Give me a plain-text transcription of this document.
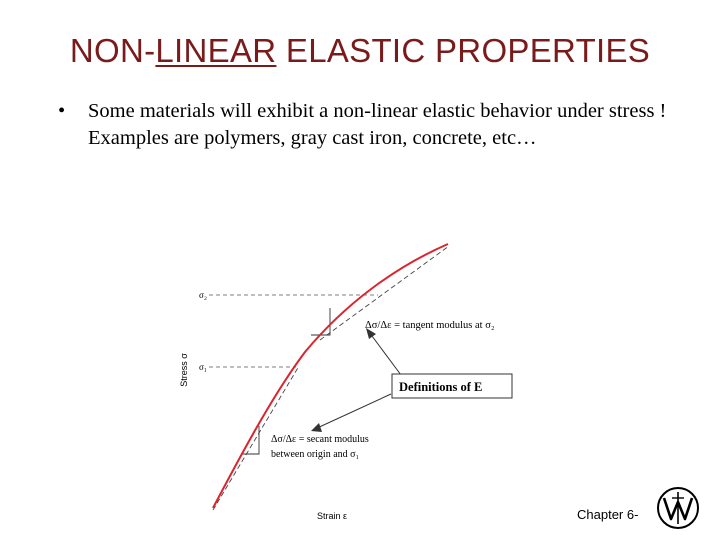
NON-LINEAR ELASTIC PROPERTIES
•	Some materials will exhibit a non-linear elastic behavior under stress ! Examples are polymers, gray cast iron, concrete, etc…
Definitions of E
Δσ/Δε = tangent modulus at σ₂
Δσ/Δε = secant modulus
between origin and σ₁
σ₂
σ₁
Stress σ
Strain ε	Chapter 6-
